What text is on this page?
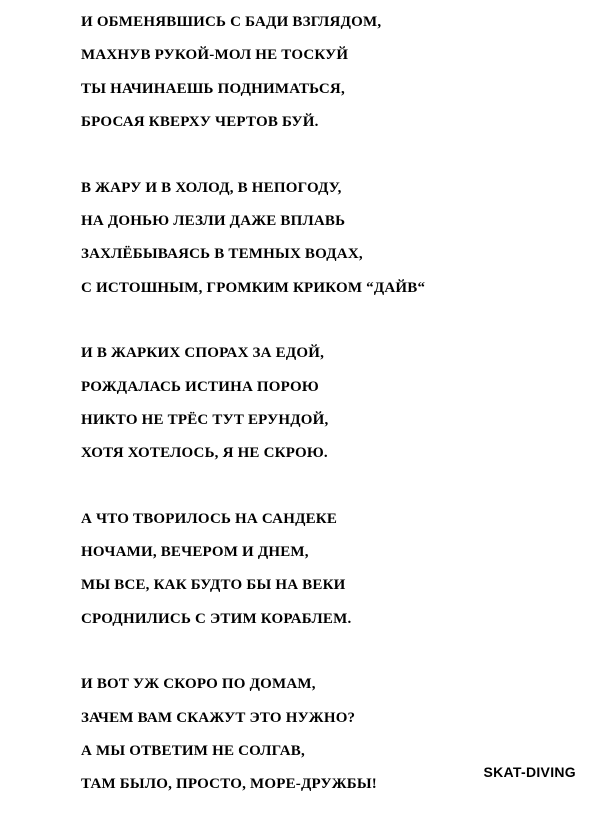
И ОБМЕНЯВШИСЬ С БАДИ ВЗГЛЯДОМ,
МАХНУВ РУКОЙ-МОЛ НЕ ТОСКУЙ
ТЫ НАЧИНАЕШЬ ПОДНИМАТЬСЯ,
БРОСАЯ КВЕРХУ ЧЕРТОВ БУЙ.
В ЖАРУ И В ХОЛОД, В НЕПОГОДУ,
НА ДОНЬЮ ЛЕЗЛИ ДАЖЕ ВПЛАВЬ
ЗАХЛЁБЫВАЯСЬ В ТЕМНЫХ ВОДАХ,
С ИСТОШНЫМ, ГРОМКИМ КРИКОМ “ДАЙВ“
И В ЖАРКИХ СПОРАХ ЗА ЕДОЙ,
РОЖДАЛАСЬ ИСТИНА ПОРОЮ
НИКТО НЕ ТРЁС ТУТ ЕРУНДОЙ,
ХОТЯ ХОТЕЛОСЬ, Я НЕ СКРОЮ.
А ЧТО ТВОРИЛОСЬ НА САНДЕКЕ
НОЧАМИ, ВЕЧЕРОМ И ДНЕМ,
МЫ ВСЕ, КАК БУДТО БЫ НА ВЕКИ
СРОДНИЛИСЬ С ЭТИМ КОРАБЛЕМ.
И ВОТ УЖ СКОРО ПО ДОМАМ,
ЗАЧЕМ ВАМ СКАЖУТ ЭТО НУЖНО?
А МЫ ОТВЕТИМ НЕ СОЛГАВ,
ТАМ БЫЛО, ПРОСТО, МОРЕ-ДРУЖБЫ!
SKAT-DIVING
